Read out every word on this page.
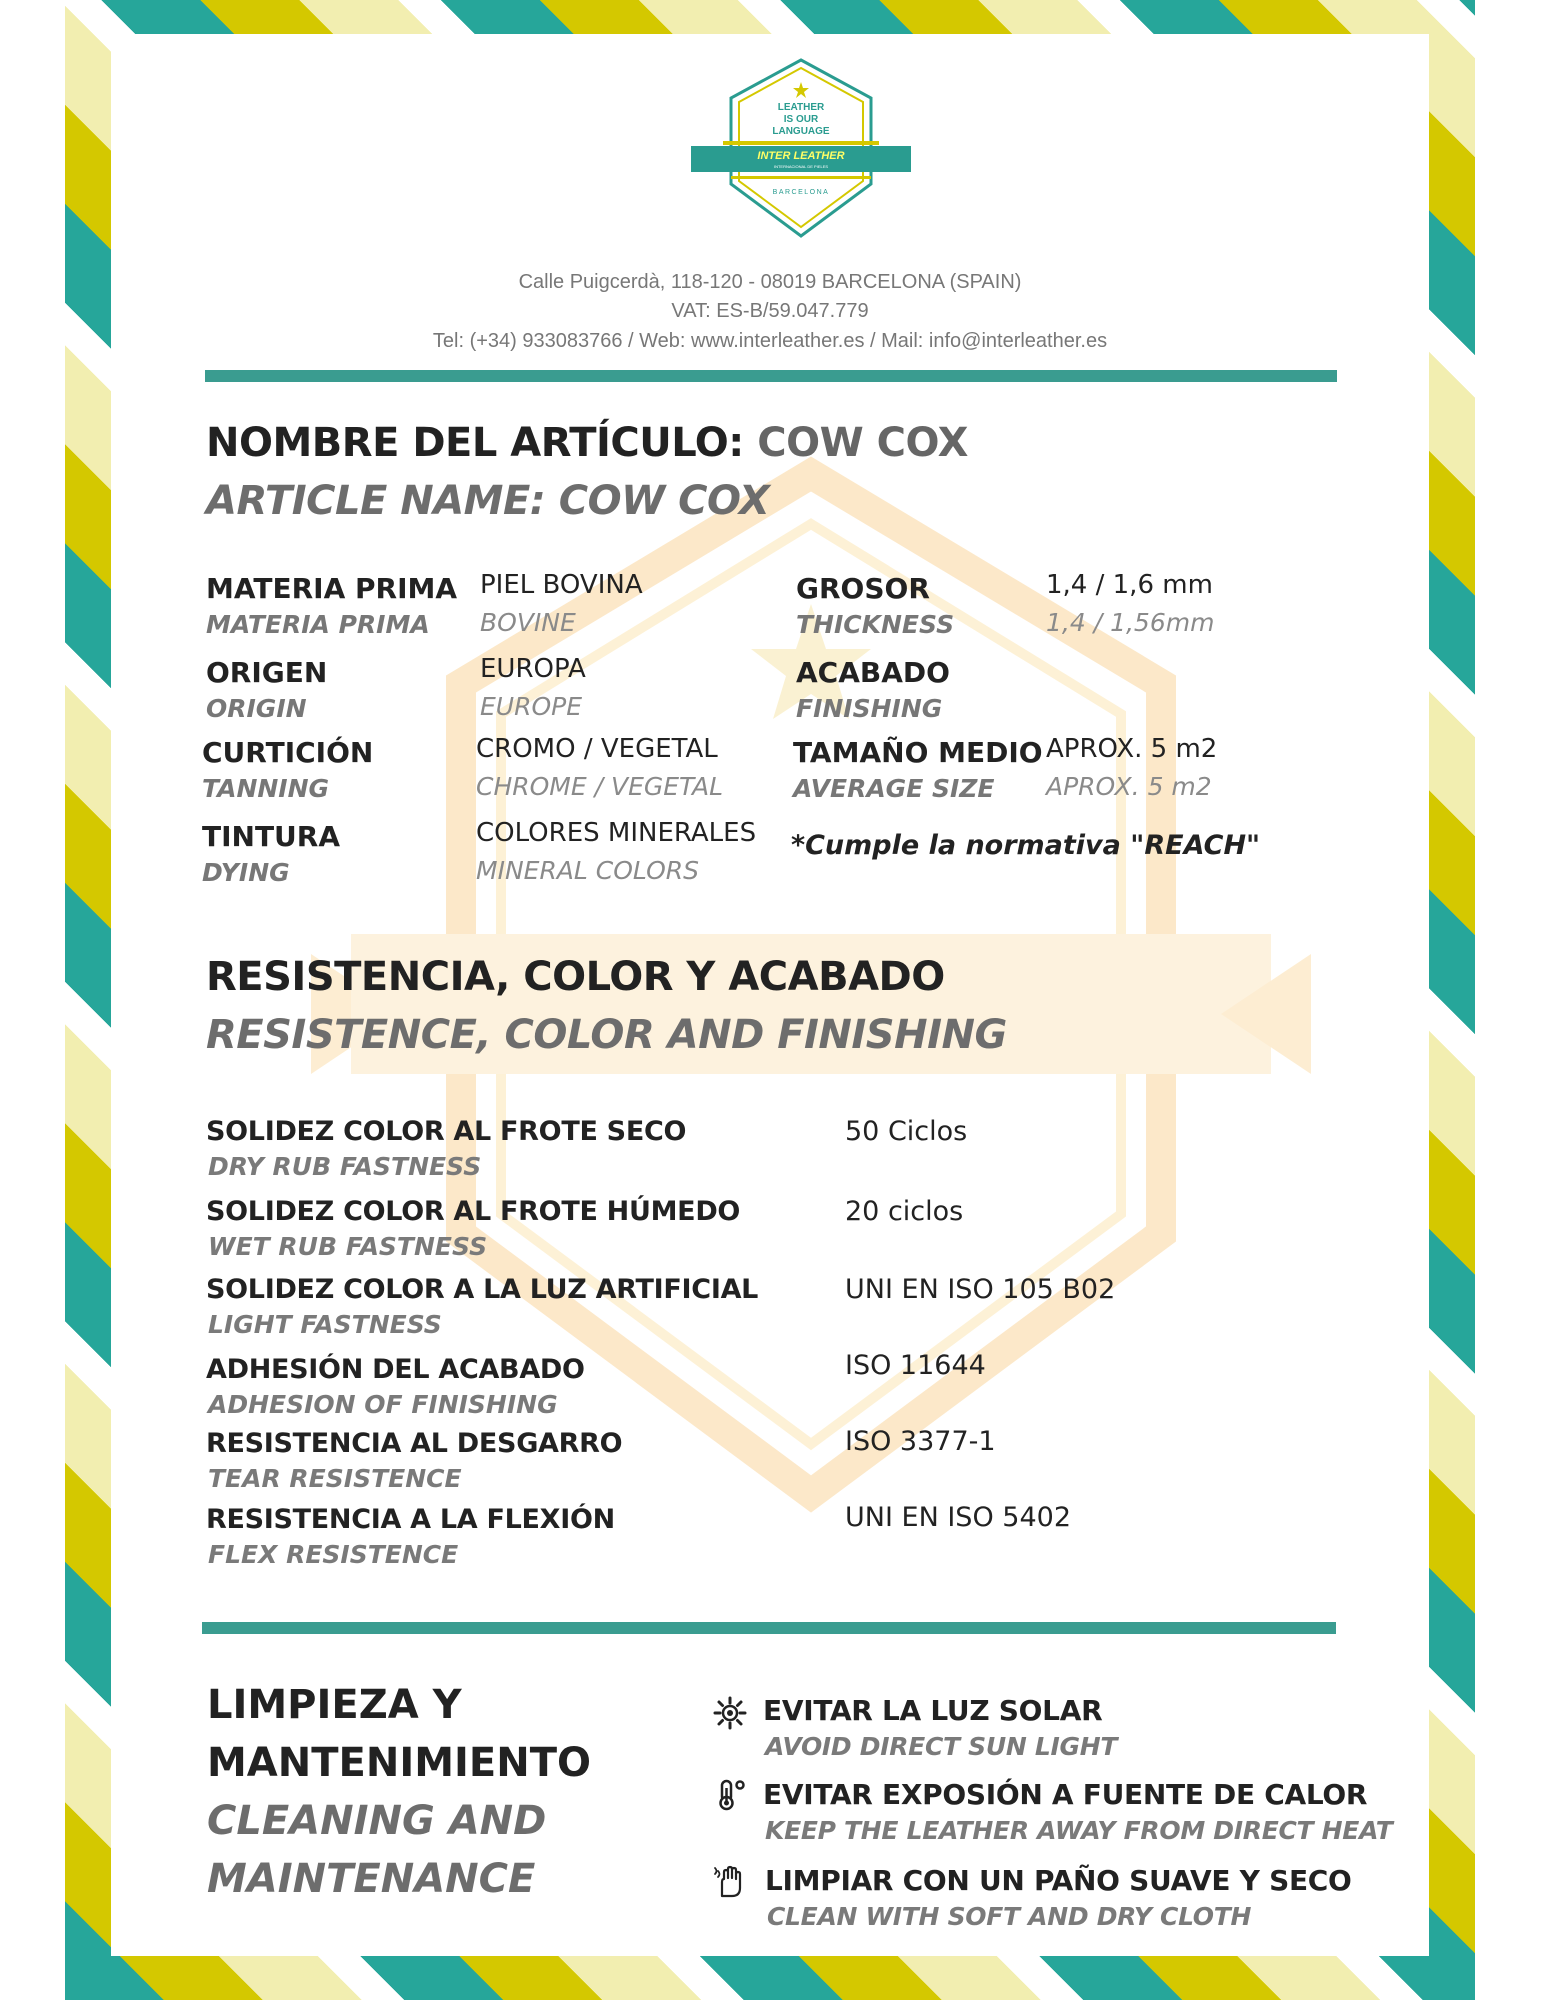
LEATHER
IS OUR
LANGUAGE
INTER LEATHER
INTERNACIONAL DE PIELES
BARCELONA
Calle Puigcerdà, 118-120 - 08019 BARCELONA (SPAIN)
VAT: ES-B/59.047.779
Tel: (+34) 933083766 / Web: www.interleather.es / Mail: info@interleather.es
NOMBRE DEL ARTÍCULO: COW COX
ARTICLE NAME: COW COX
MATERIA PRIMA
MATERIA PRIMA
PIEL BOVINA
BOVINE
ORIGEN
ORIGIN
EUROPA
EUROPE
CURTICIÓN
TANNING
CROMO / VEGETAL
CHROME / VEGETAL
TINTURA
DYING
COLORES MINERALES
MINERAL COLORS
GROSOR
THICKNESS
1,4 / 1,6 mm
1,4 / 1,56mm
ACABADO
FINISHING
TAMAÑO MEDIO
AVERAGE SIZE
APROX. 5 m2
APROX. 5 m2
*Cumple la normativa "REACH"
RESISTENCIA, COLOR Y ACABADO
RESISTENCE, COLOR AND FINISHING
SOLIDEZ COLOR AL FROTE SECO
DRY RUB FASTNESS
50 Ciclos
SOLIDEZ COLOR AL FROTE HÚMEDO
WET RUB FASTNESS
20 ciclos
SOLIDEZ COLOR A LA LUZ ARTIFICIAL
LIGHT FASTNESS
UNI EN ISO 105 B02
ADHESIÓN DEL ACABADO
ADHESION OF FINISHING
ISO 11644
RESISTENCIA AL DESGARRO
TEAR RESISTENCE
ISO 3377-1
RESISTENCIA A LA FLEXIÓN
FLEX RESISTENCE
UNI EN ISO 5402
LIMPIEZA Y
MANTENIMIENTO
CLEANING AND
MAINTENANCE
EVITAR LA LUZ SOLAR
AVOID DIRECT SUN LIGHT
EVITAR EXPOSIÓN A FUENTE DE CALOR
KEEP THE LEATHER AWAY FROM DIRECT HEAT
LIMPIAR CON UN PAÑO SUAVE Y SECO
CLEAN WITH SOFT AND DRY CLOTH
